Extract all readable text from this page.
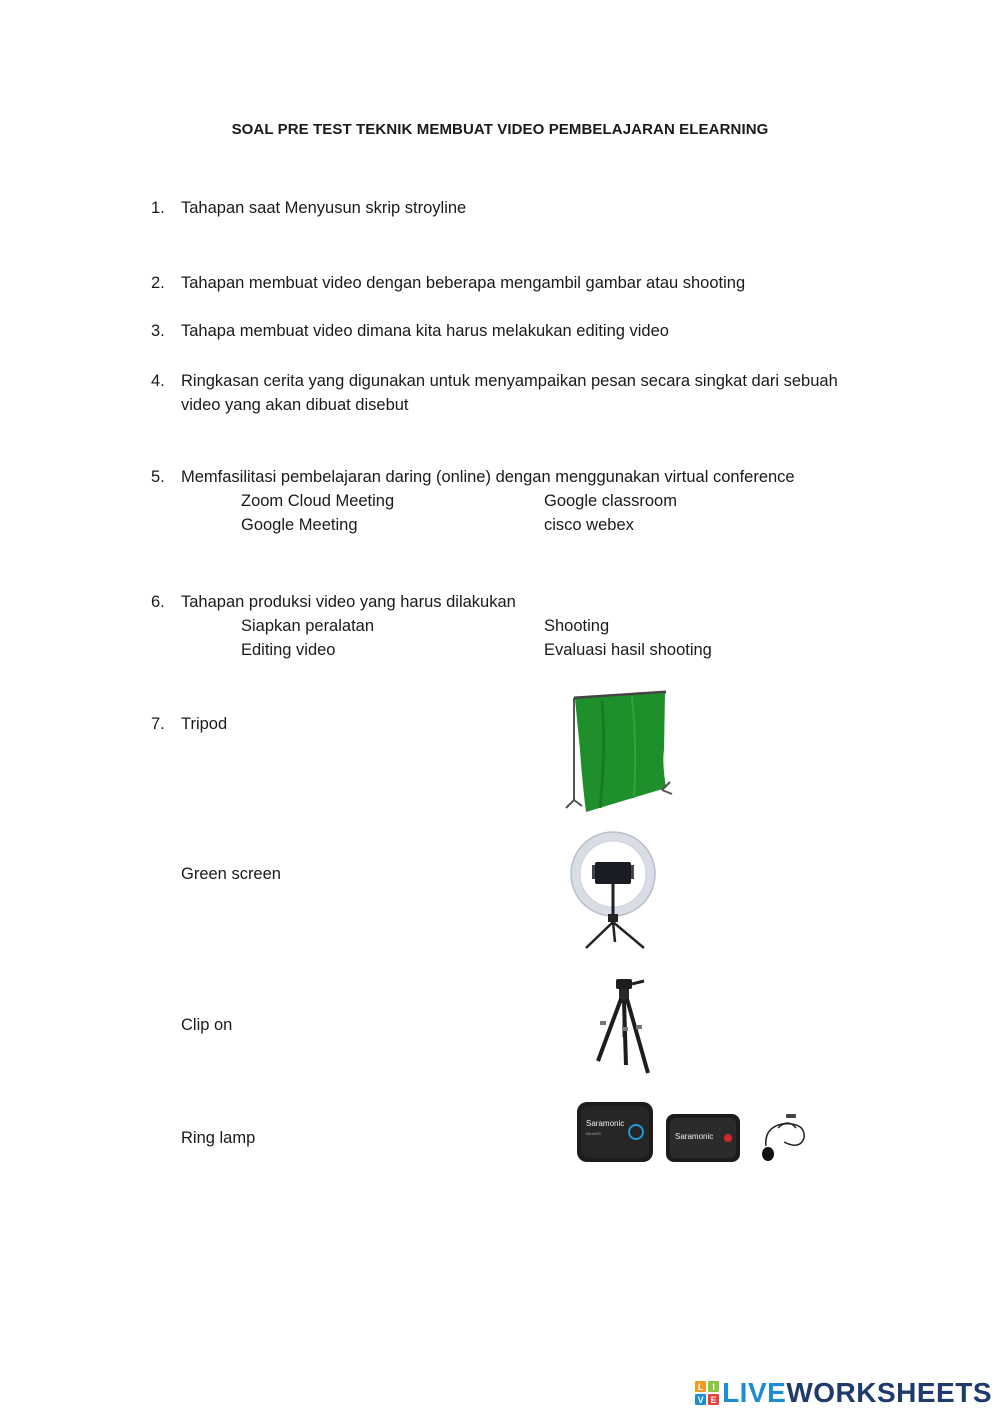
SOAL PRE TEST TEKNIK MEMBUAT VIDEO PEMBELAJARAN ELEARNING
1. Tahapan saat Menyusun skrip stroyline
2. Tahapan membuat video dengan beberapa mengambil gambar atau shooting
3. Tahapa membuat video dimana kita harus melakukan editing video
4. Ringkasan cerita yang digunakan untuk menyampaikan pesan secara singkat dari sebuah
video yang akan dibuat disebut
5. Memfasilitasi pembelajaran daring (online) dengan menggunakan virtual conference
Zoom Cloud Meeting	Google classroom
Google Meeting	cisco webex
6. Tahapan produksi video yang harus dilakukan
Siapkan peralatan	Shooting
Editing video	Evaluasi hasil shooting
7. Tripod
Green screen
Clip on
Ring lamp
Saramonic
Blink500	Saramonic
L I
V E LIVEWORKSHEETS
